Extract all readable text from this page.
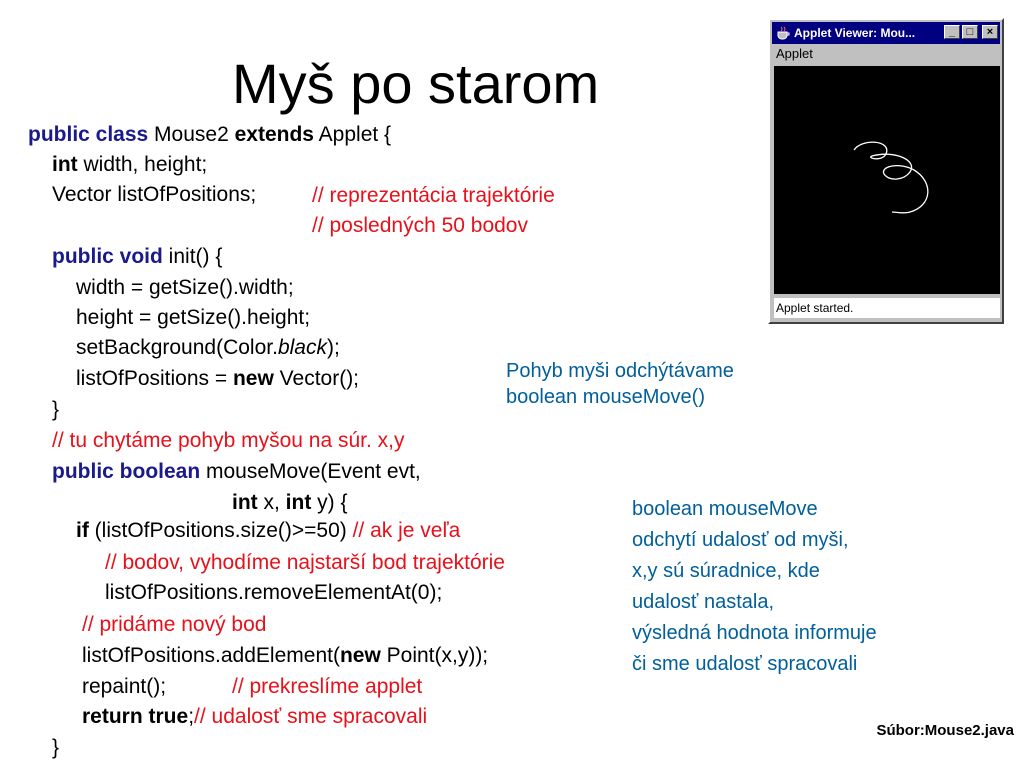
Myš po starom
public class Mouse2 extends Applet {
int width, height;
Vector listOfPositions;	// reprezentácia trajektórie
// posledných 50 bodov
public void init() {
width = getSize().width;
height = getSize().height;
setBackground(Color.black);
listOfPositions = new Vector();
}
// tu chytáme pohyb myšou na súr. x,y
public boolean mouseMove(Event evt,
int x, int y) {
if (listOfPositions.size()>=50) // ak je veľa
// bodov, vyhodíme najstarší bod trajektórie
listOfPositions.removeElementAt(0);
// pridáme nový bod
listOfPositions.addElement(new Point(x,y));
repaint();	// prekreslíme applet
return true;// udalosť sme spracovali
}
Pohyb myši odchýtávame
boolean mouseMove()
boolean mouseMove
odchytí udalosť od myši,
x,y sú súradnice, kde
udalosť nastala,
výsledná hodnota informuje
či sme udalosť spracovali
Súbor:Mouse2.java
Applet Viewer: Mou...	_	□	×
Applet
Applet started.
